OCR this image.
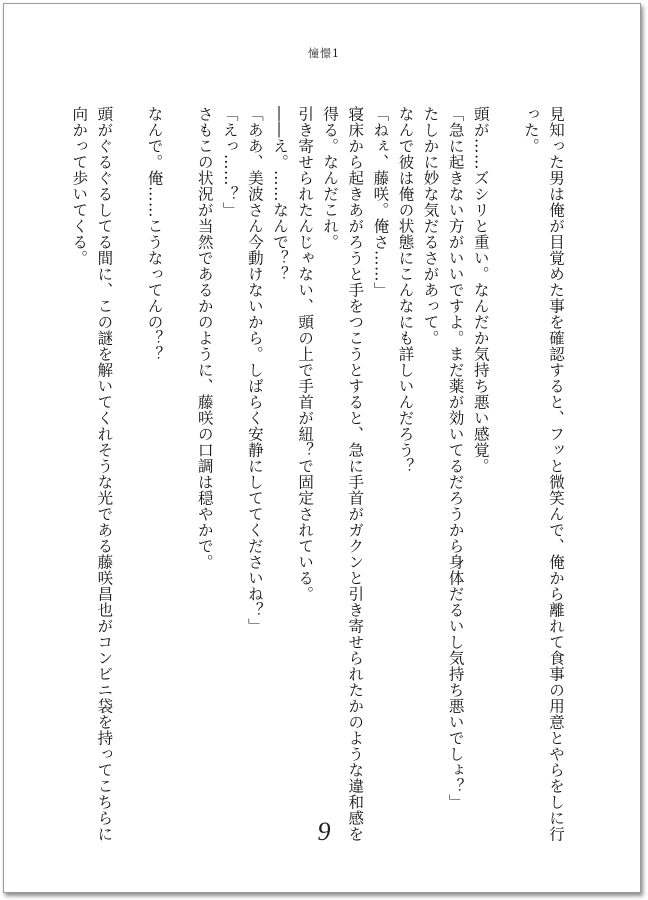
憧憬1
見知った男は俺が目覚めた事を確認すると、フッと微笑んで、俺から離れて食事の用意とやらをしに行
った。

頭が……ズシリと重い。なんだか気持ち悪い感覚。
「急に起きない方がいいですよ。まだ薬が効いてるだろうから身体だるいし気持ち悪いでしょ？」
たしかに妙な気だるさがあって。
なんで彼は俺の状態にこんなにも詳しいんだろう？
「ねぇ、藤咲。俺さ……」
寝床から起きあがろうと手をつこうとすると、急に手首がガクンと引き寄せられたかのような違和感を
得る。なんだこれ。
引き寄せられたんじゃない、頭の上で手首が紐？で固定されている。
――え。……なんで？？
「ああ、美波さん今動けないから。しばらく安静にしててくださいね？」
「えっ……？」
さもこの状況が当然であるかのように、藤咲の口調は穏やかで。

なんで。俺……こうなってんの？？

頭がぐるぐるしてる間に、この謎を解いてくれそうな光である藤咲昌也がコンビニ袋を持ってこちらに
向かって歩いてくる。
9
